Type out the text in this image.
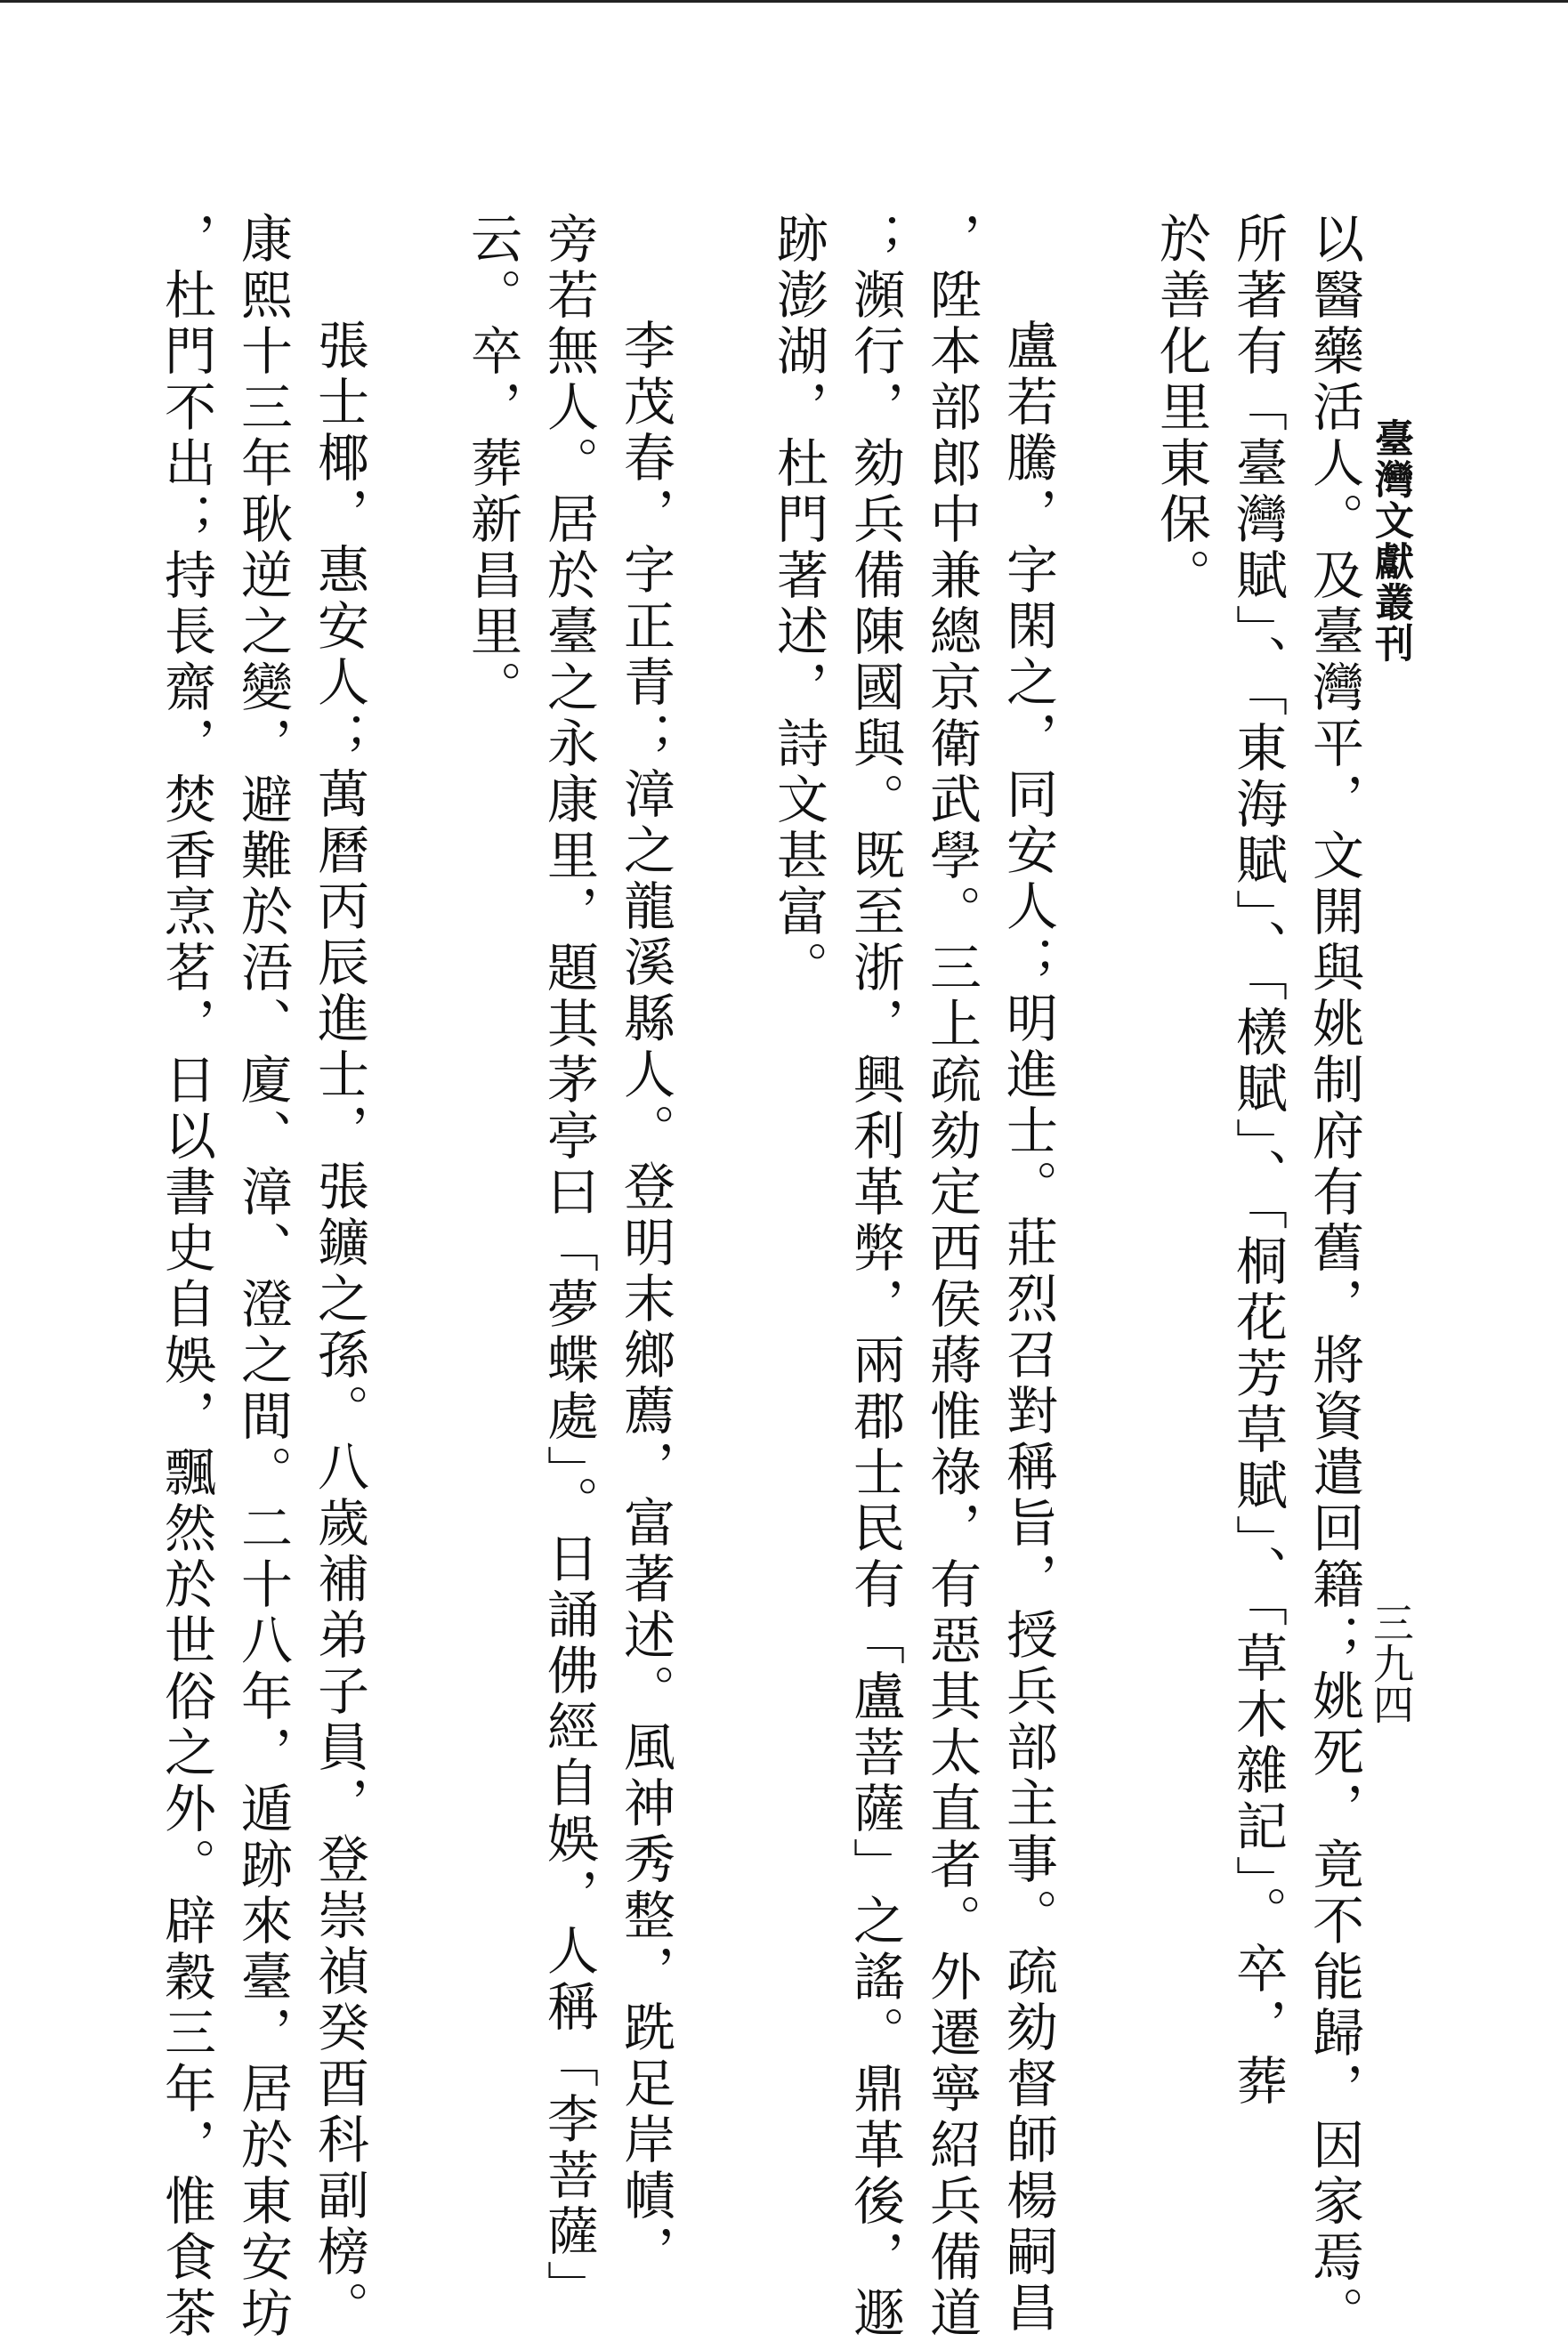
臺灣文獻叢刊
三九四

以醫藥活人。及臺灣平，文開與姚制府有舊，將資遣回籍；姚死，竟不能歸，因家焉。

所著有「臺灣賦」、「東海賦」、「檨賦」、「桐花芳草賦」、「草木雜記」。卒，葬

於善化里東保。

盧若騰，字閑之，同安人；明進士。莊烈召對稱旨，授兵部主事。疏劾督師楊嗣昌

，陞本部郎中兼總京衛武學。三上疏劾定西侯蔣惟祿，有惡其太直者。外遷寧紹兵備道

；瀕行，劾兵備陳國與。既至浙，興利革弊，兩郡士民有「盧菩薩」之謠。鼎革後，遯

跡澎湖，杜門著述，詩文甚富。

李茂春，字正青；漳之龍溪縣人。登明末鄉薦，富著述。風神秀整，跣足岸幘，

旁若無人。居於臺之永康里，題其茅亭曰「夢蝶處」。日誦佛經自娛，人稱「李菩薩」

云。卒，葬新昌里。

張士椰，惠安人；萬曆丙辰進士，張鑛之孫。八歲補弟子員，登崇禎癸酉科副榜。

康熙十三年耿逆之變，避難於浯、廈、漳、澄之間。二十八年，遁跡來臺，居於東安坊

，杜門不出；持長齋，焚香烹茗，日以書史自娛，飄然於世俗之外。辟穀三年，惟食茶
